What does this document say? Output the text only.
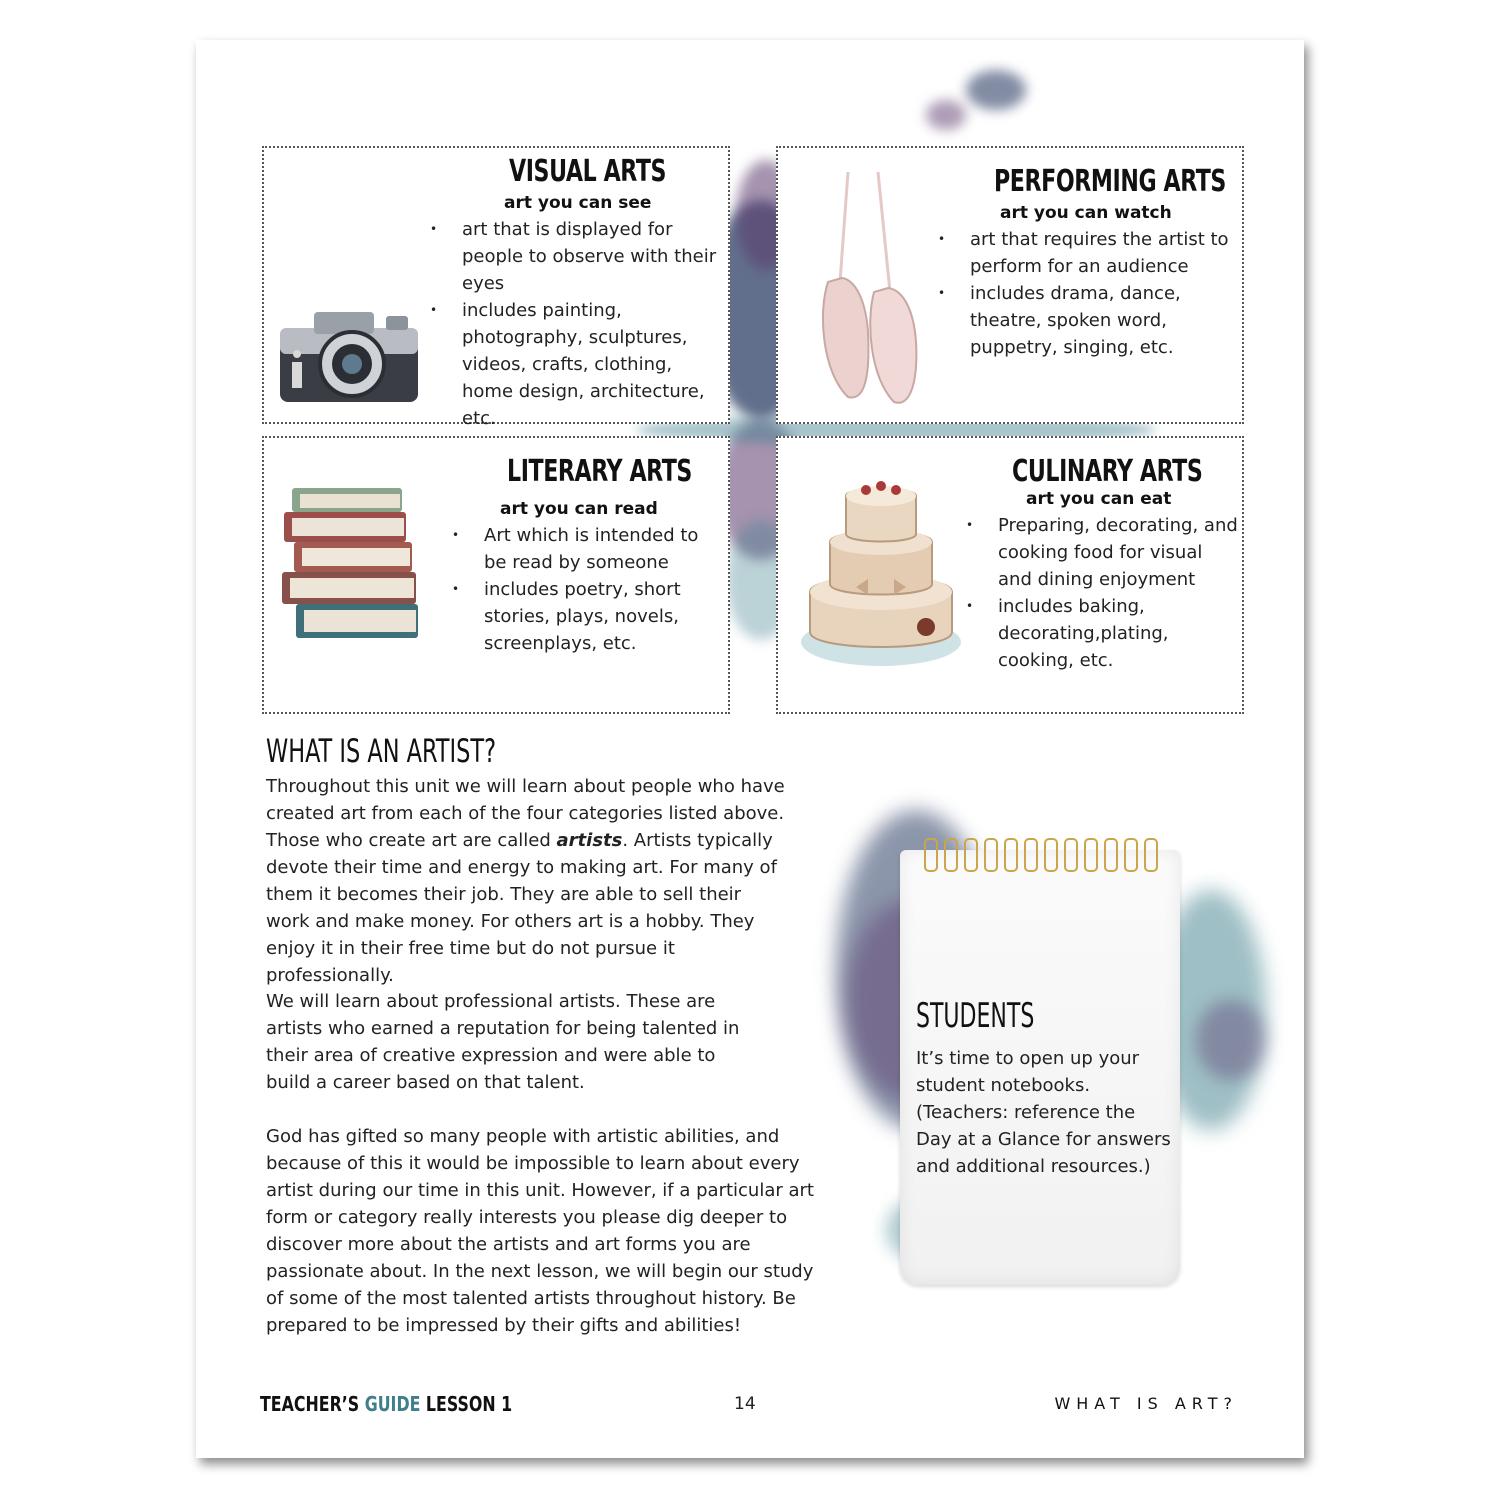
VISUAL ARTS
art you can see
• art that is displayed for people to observe with their eyes
• includes painting, photography, sculptures, videos, crafts, clothing, home design, architecture, etc.
PERFORMING ARTS
art you can watch
• art that requires the artist to perform for an audience
• includes drama, dance, theatre, spoken word, puppetry, singing, etc.
LITERARY ARTS
art you can read
• Art which is intended to be read by someone
• includes poetry, short stories, plays, novels, screenplays, etc.
CULINARY ARTS
art you can eat
• Preparing, decorating, and cooking food for visual and dining enjoyment
• includes baking, decorating,plating, cooking, etc.
WHAT IS AN ARTIST?

Throughout this unit we will learn about people who have created art from each of the four categories listed above. Those who create art are called artists. Artists typically devote their time and energy to making art. For many of them it becomes their job. They are able to sell their work and make money. For others art is a hobby. They enjoy it in their free time but do not pursue it professionally.

We will learn about professional artists. These are artists who earned a reputation for being talented in their area of creative expression and were able to build a career based on that talent.

God has gifted so many people with artistic abilities, and because of this it would be impossible to learn about every artist during our time in this unit. However, if a particular art form or category really interests you please dig deeper to discover more about the artists and art forms you are passionate about. In the next lesson, we will begin our study of some of the most talented artists throughout history. Be prepared to be impressed by their gifts and abilities!

STUDENTS

It’s time to open up your student notebooks. (Teachers: reference the Day at a Glance for answers and additional resources.)

TEACHER’S GUIDE LESSON 1	14	WHAT IS ART?
